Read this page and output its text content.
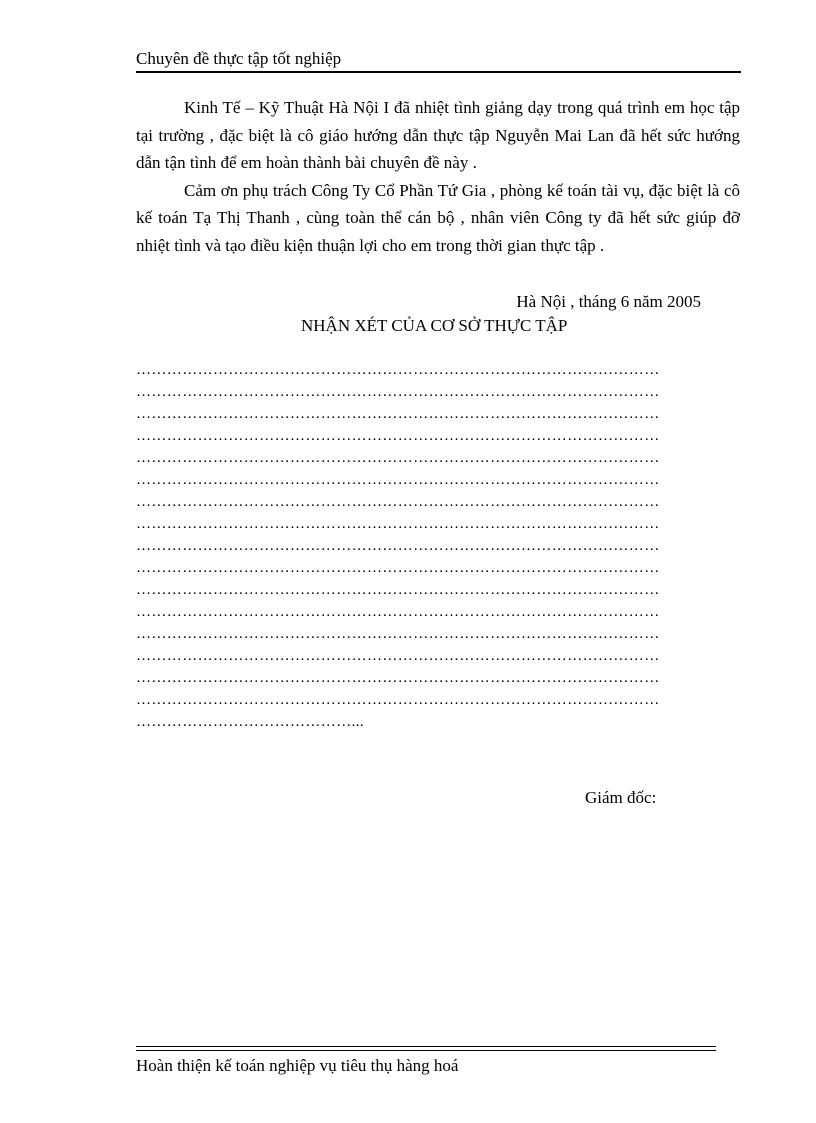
Chuyên đề thực tập tốt nghiệp

Kinh Tế – Kỹ Thuật Hà Nội I đã nhiệt tình giảng dạy trong quá trình em học tập tại trường , đặc biệt là cô giáo hướng dẫn thực tập Nguyễn Mai Lan đã hết sức hướng dẫn tận tình để em hoàn thành bài chuyên đề này .

Cảm ơn phụ trách Công Ty Cổ Phần Tứ Gia , phòng kế toán tài vụ, đặc biệt là cô kế toán Tạ Thị Thanh , cùng toàn thể cán bộ , nhân viên Công ty đã hết sức giúp đỡ nhiệt tình và tạo điều kiện thuận lợi cho em trong thời gian thực tập .

Hà Nội , tháng 6 năm 2005
NHẬN XÉT CỦA CƠ SỞ THỰC TẬP
…………………………………………………………………………………………
…………………………………………………………………………………………
…………………………………………………………………………………………
…………………………………………………………………………………………
…………………………………………………………………………………………
…………………………………………………………………………………………
…………………………………………………………………………………………
…………………………………………………………………………………………
…………………………………………………………………………………………
…………………………………………………………………………………………
…………………………………………………………………………………………
…………………………………………………………………………………………
…………………………………………………………………………………………
…………………………………………………………………………………………
…………………………………………………………………………………………
…………………………………………………………………………………………
……………………………………...
Giám đốc:
Hoàn thiện kế toán nghiệp vụ tiêu thụ hàng hoá
